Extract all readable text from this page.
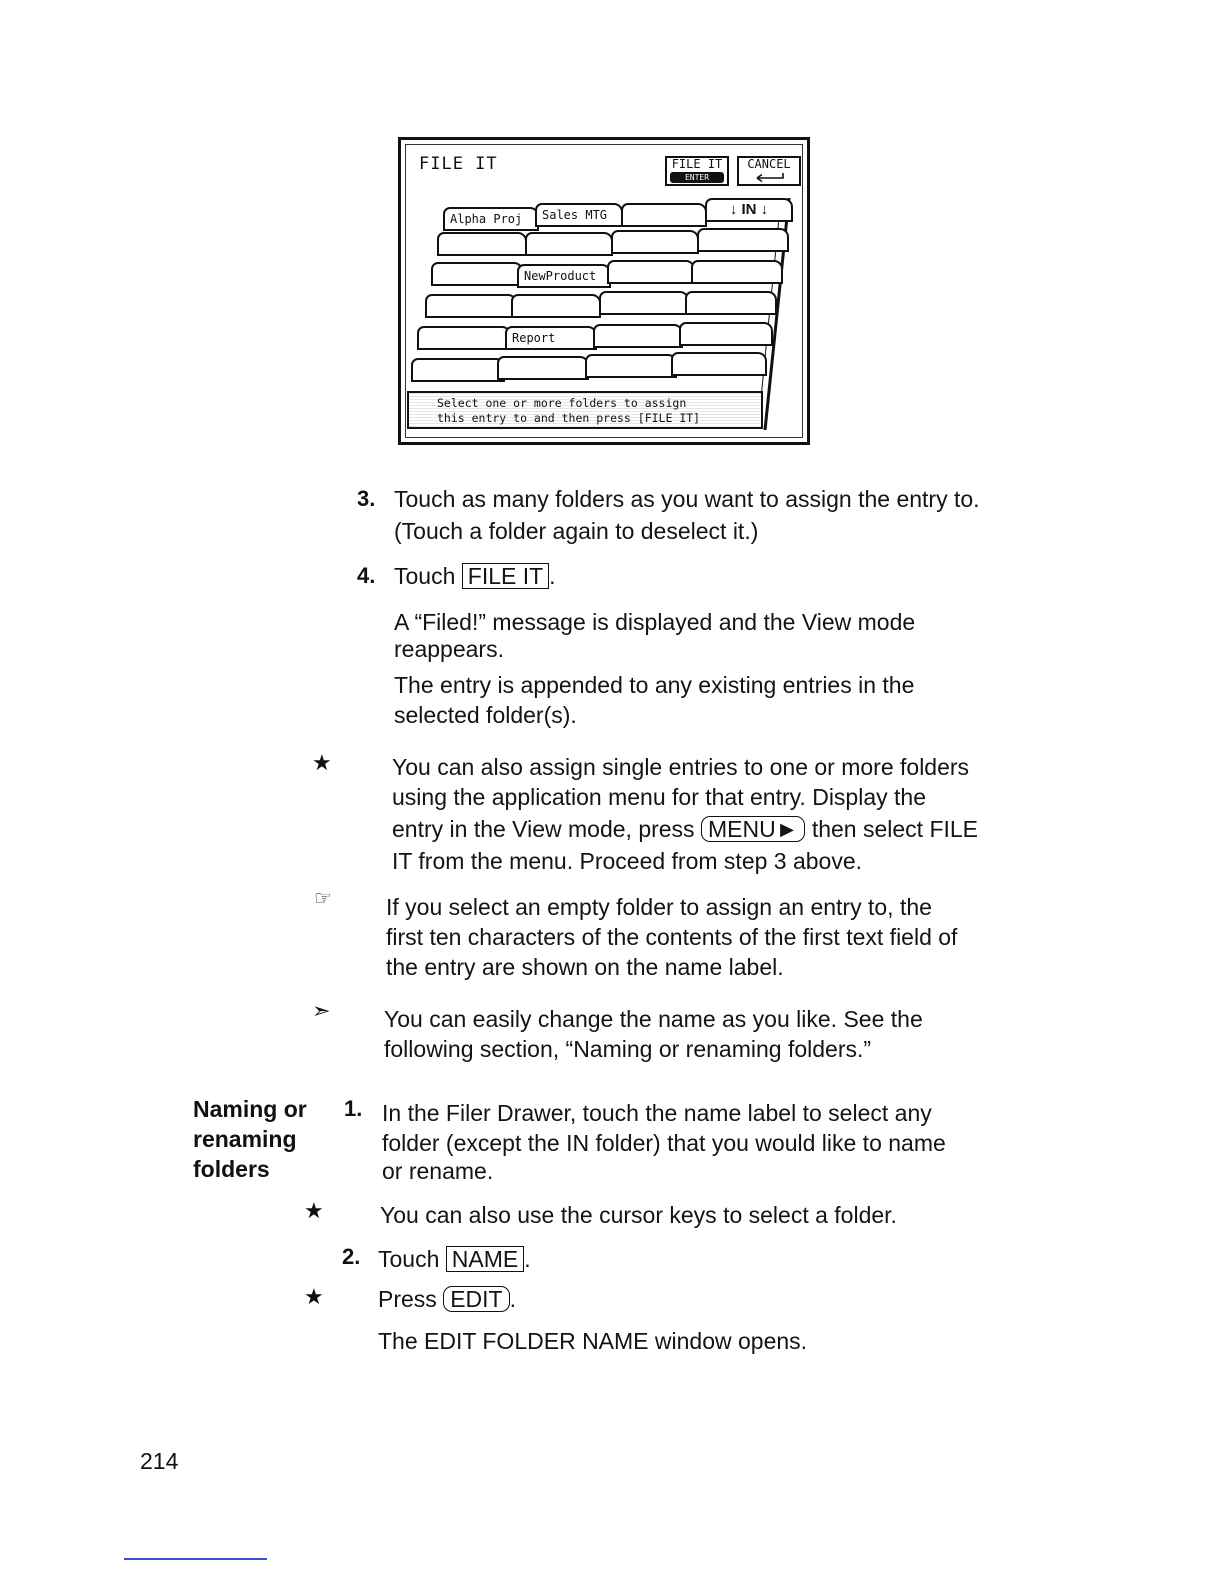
FILE IT	FILE IT
ENTER
CANCEL
Alpha Proj	Sales MTG	↓ IN ↓
NewProduct
Report
Select one or more folders to assign
this entry to and then press [FILE IT]
3. Touch as many folders as you want to assign the entry to.
(Touch a folder again to deselect it.)
4. Touch FILE IT .
A “Filed!” message is displayed and the View mode
reappears.
The entry is appended to any existing entries in the
selected folder(s).
★	You can also assign single entries to one or more folders
using the application menu for that entry. Display the
entry in the View mode, press MENU► then select FILE
IT from the menu. Proceed from step 3 above.
☞ If you select an empty folder to assign an entry to, the
first ten characters of the contents of the first text field of
the entry are shown on the name label.
➣ You can easily change the name as you like. See the
following section, “Naming or renaming folders.”
Naming or
renaming
folders
1. In the Filer Drawer, touch the name label to select any
folder (except the IN folder) that you would like to name
or rename.
★ You can also use the cursor keys to select a folder.
2. Touch NAME .
★ Press EDIT .
The EDIT FOLDER NAME window opens.
214
